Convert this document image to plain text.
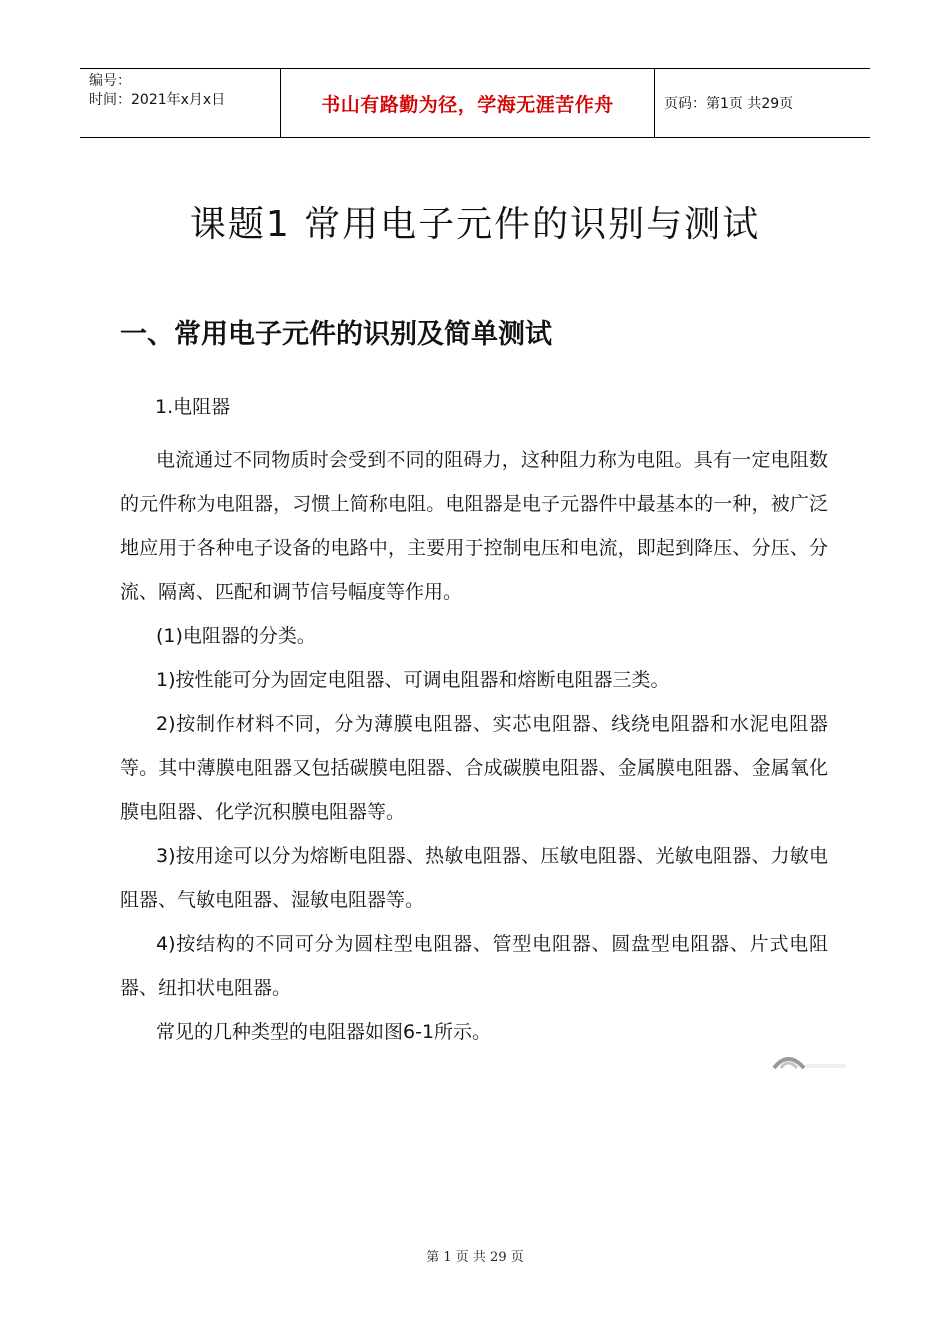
编号：
时间：2021年x月x日	书山有路勤为径，学海无涯苦作舟	页码：第1页 共29页
课题1 常用电子元件的识别与测试
一、常用电子元件的识别及简单测试
1.电阻器

电流通过不同物质时会受到不同的阻碍力，这种阻力称为电阻。具有一定电阻数的元件称为电阻器，习惯上简称电阻。电阻器是电子元器件中最基本的一种，被广泛地应用于各种电子设备的电路中，主要用于控制电压和电流，即起到降压、分压、分流、隔离、匹配和调节信号幅度等作用。

(1)电阻器的分类。

1)按性能可分为固定电阻器、可调电阻器和熔断电阻器三类。

2)按制作材料不同，分为薄膜电阻器、实芯电阻器、线绕电阻器和水泥电阻器等。其中薄膜电阻器又包括碳膜电阻器、合成碳膜电阻器、金属膜电阻器、金属氧化膜电阻器、化学沉积膜电阻器等。

3)按用途可以分为熔断电阻器、热敏电阻器、压敏电阻器、光敏电阻器、力敏电阻器、气敏电阻器、湿敏电阻器等。

4)按结构的不同可分为圆柱型电阻器、管型电阻器、圆盘型电阻器、片式电阻器、纽扣状电阻器。

常见的几种类型的电阻器如图6-1所示。

第 1 页 共 29 页
